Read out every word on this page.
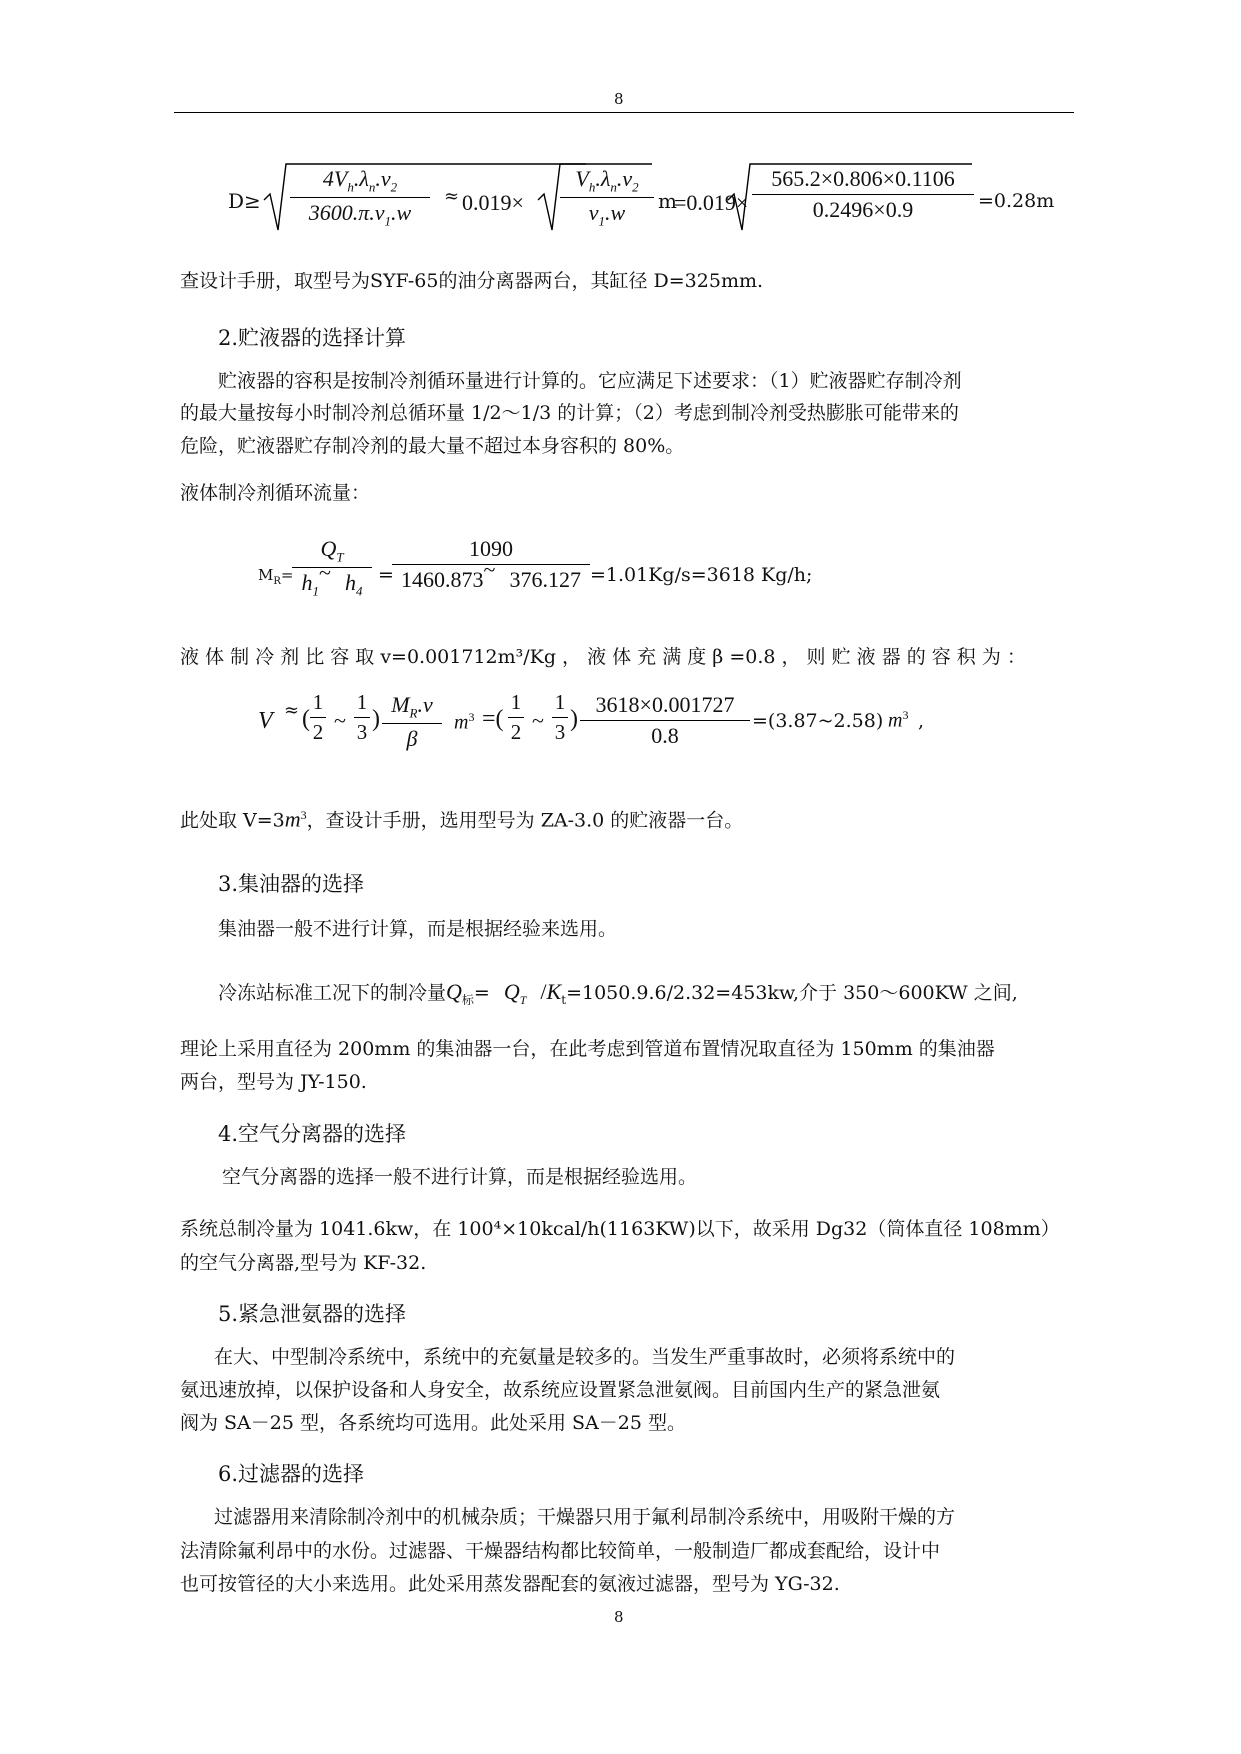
8
D≥
$4V_h.\lambda_n.v_2$
$3600.\pi.v_1.w$
≈ 0.019×
$V_h.\lambda_n.v_2$
$v_1.w$	m
=0.019×
565.2×0.806×0.1106
0.2496×0.9	=0.28m
查设计手册，取型号为SYF-65的油分离器两台，其缸径 D=325mm.
2.贮液器的选择计算
贮液器的容积是按制冷剂循环量进行计算的。它应满足下述要求：（1）贮液器贮存制冷剂
的最大量按每小时制冷剂总循环量 1/2～1/3 的计算；（2）考虑到制冷剂受热膨胀可能带来的
危险，贮液器贮存制冷剂的最大量不超过本身容积的 80%。
液体制冷剂循环流量：
$M_R=$
$Q_T$
$h_1\sim$ $h_4$
=
1090
1460.873~ 376.127 =1.01Kg/s=3618 Kg/h;
液 体 制 冷 剂 比 容 取 v=0.001712m³/Kg ， 液 体 充 满 度 β =0.8 ， 则 贮 液 器 的 容 积 为 ：
V ≈ (
1
2 ~
1
3 )
$M_R.v$
β
$m^3$ =(
1
2 ~
1
3 )
3618×0.001727
0.8
=(3.87~2.58) $m^3$ ,
此处取 $V=3m^3$，查设计手册，选用型号为 ZA-3.0 的贮液器一台。
3.集油器的选择
集油器一般不进行计算，而是根据经验来选用。
冷冻站标准工况下的制冷量$Q_标= Q_T$ $/K_t=1050.9.6/2.32=453kw$,介于 350～600KW 之间,
理论上采用直径为 200mm 的集油器一台，在此考虑到管道布置情况取直径为 150mm 的集油器
两台，型号为 JY-150.
4.空气分离器的选择
空气分离器的选择一般不进行计算，而是根据经验选用。
系统总制冷量为 1041.6kw，在 100⁴×10kcal/h(1163KW)以下，故采用 Dg32（筒体直径 108mm）
的空气分离器,型号为 KF-32.
5.紧急泄氨器的选择
在大、中型制冷系统中，系统中的充氨量是较多的。当发生严重事故时，必须将系统中的
氨迅速放掉，以保护设备和人身安全，故系统应设置紧急泄氨阀。目前国内生产的紧急泄氨
阀为 SA－25 型，各系统均可选用。此处采用 SA－25 型。
6.过滤器的选择
过滤器用来清除制冷剂中的机械杂质；干燥器只用于氟利昂制冷系统中，用吸附干燥的方
法清除氟利昂中的水份。过滤器、干燥器结构都比较简单，一般制造厂都成套配给，设计中
也可按管径的大小来选用。此处采用蒸发器配套的氨液过滤器，型号为 YG-32.
8
